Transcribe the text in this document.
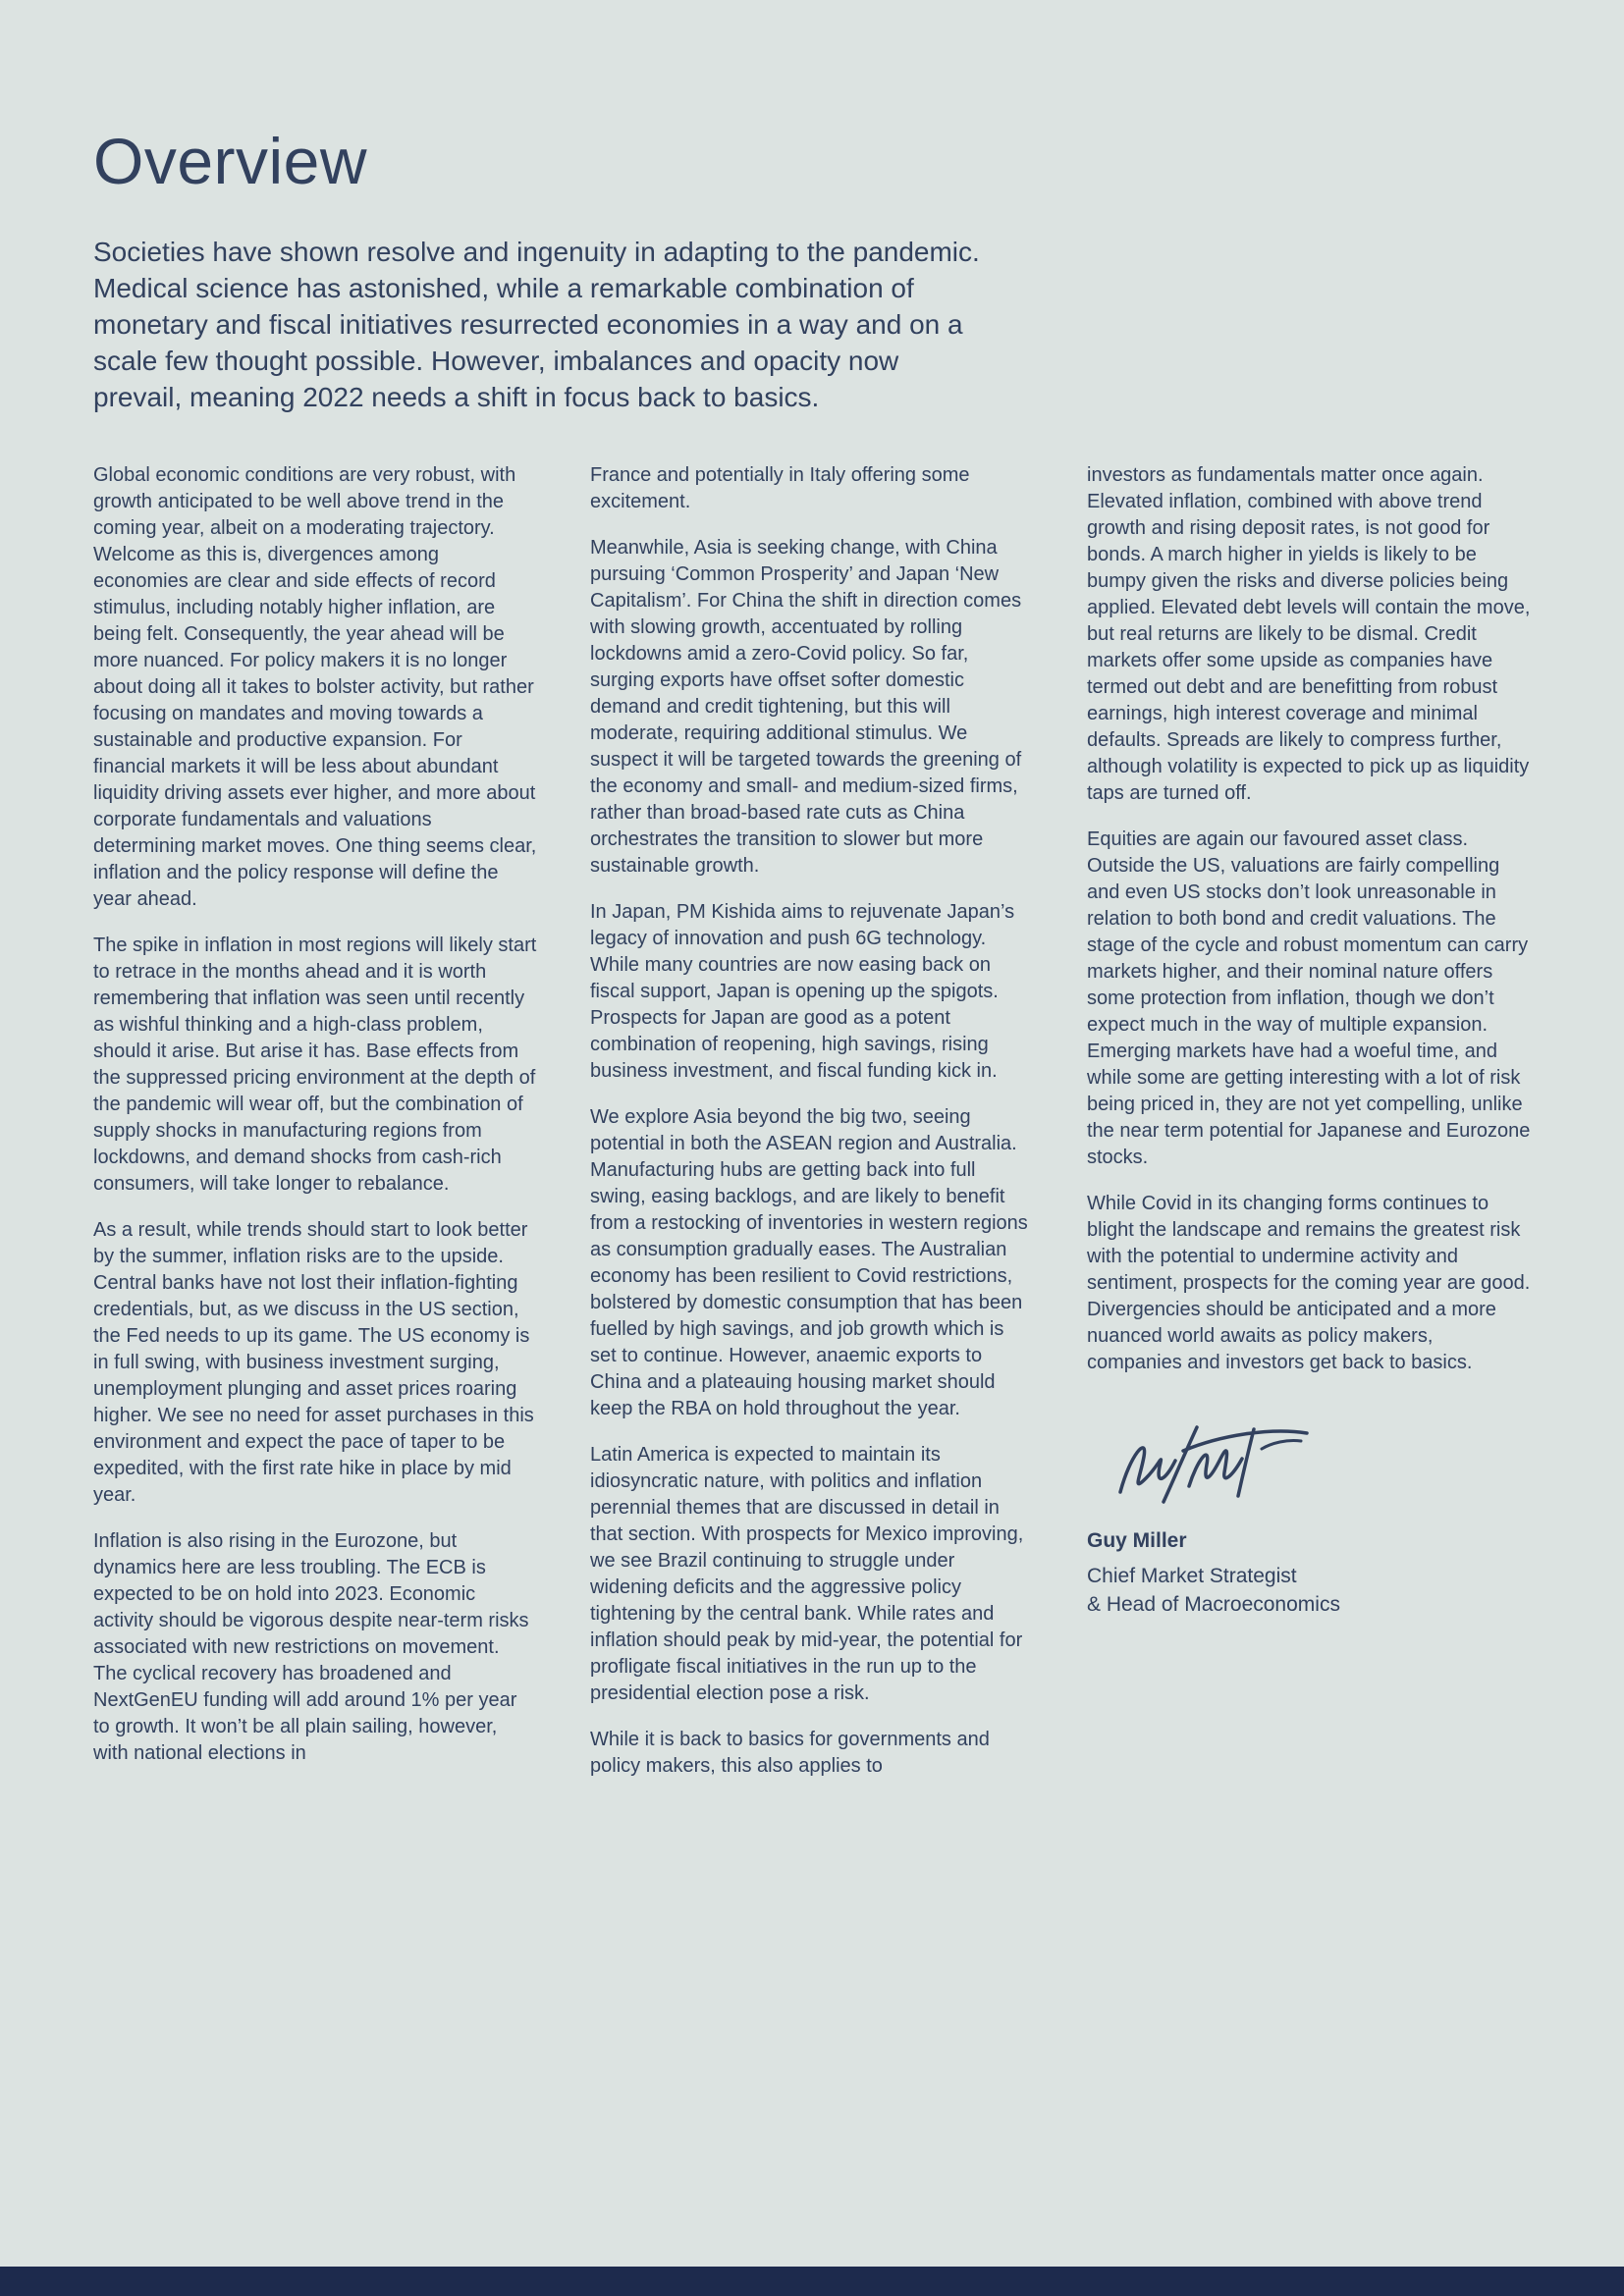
Overview

Societies have shown resolve and ingenuity in adapting to the pandemic. Medical science has astonished, while a remarkable combination of monetary and fiscal initiatives resurrected economies in a way and on a scale few thought possible. However, imbalances and opacity now prevail, meaning 2022 needs a shift in focus back to basics.

Global economic conditions are very robust, with growth anticipated to be well above trend in the coming year, albeit on a moderating trajectory. Welcome as this is, divergences among economies are clear and side effects of record stimulus, including notably higher inflation, are being felt. Consequently, the year ahead will be more nuanced. For policy makers it is no longer about doing all it takes to bolster activity, but rather focusing on mandates and moving towards a sustainable and productive expansion. For financial markets it will be less about abundant liquidity driving assets ever higher, and more about corporate fundamentals and valuations determining market moves. One thing seems clear, inflation and the policy response will define the year ahead.

The spike in inflation in most regions will likely start to retrace in the months ahead and it is worth remembering that inflation was seen until recently as wishful thinking and a high-class problem, should it arise. But arise it has. Base effects from the suppressed pricing environment at the depth of the pandemic will wear off, but the combination of supply shocks in manufacturing regions from lockdowns, and demand shocks from cash-rich consumers, will take longer to rebalance.

As a result, while trends should start to look better by the summer, inflation risks are to the upside. Central banks have not lost their inflation-fighting credentials, but, as we discuss in the US section, the Fed needs to up its game. The US economy is in full swing, with business investment surging, unemployment plunging and asset prices roaring higher. We see no need for asset purchases in this environment and expect the pace of taper to be expedited, with the first rate hike in place by mid year.

Inflation is also rising in the Eurozone, but dynamics here are less troubling. The ECB is expected to be on hold into 2023. Economic activity should be vigorous despite near-term risks associated with new restrictions on movement. The cyclical recovery has broadened and NextGenEU funding will add around 1% per year to growth. It won’t be all plain sailing, however, with national elections in

France and potentially in Italy offering some excitement.

Meanwhile, Asia is seeking change, with China pursuing ‘Common Prosperity’ and Japan ‘New Capitalism’. For China the shift in direction comes with slowing growth, accentuated by rolling lockdowns amid a zero-Covid policy. So far, surging exports have offset softer domestic demand and credit tightening, but this will moderate, requiring additional stimulus. We suspect it will be targeted towards the greening of the economy and small- and medium-sized firms, rather than broad-based rate cuts as China orchestrates the transition to slower but more sustainable growth.

In Japan, PM Kishida aims to rejuvenate Japan’s legacy of innovation and push 6G technology. While many countries are now easing back on fiscal support, Japan is opening up the spigots. Prospects for Japan are good as a potent combination of reopening, high savings, rising business investment, and fiscal funding kick in.

We explore Asia beyond the big two, seeing potential in both the ASEAN region and Australia. Manufacturing hubs are getting back into full swing, easing backlogs, and are likely to benefit from a restocking of inventories in western regions as consumption gradually eases. The Australian economy has been resilient to Covid restrictions, bolstered by domestic consumption that has been fuelled by high savings, and job growth which is set to continue. However, anaemic exports to China and a plateauing housing market should keep the RBA on hold throughout the year.

Latin America is expected to maintain its idiosyncratic nature, with politics and inflation perennial themes that are discussed in detail in that section. With prospects for Mexico improving, we see Brazil continuing to struggle under widening deficits and the aggressive policy tightening by the central bank. While rates and inflation should peak by mid-year, the potential for profligate fiscal initiatives in the run up to the presidential election pose a risk.

While it is back to basics for governments and policy makers, this also applies to

investors as fundamentals matter once again. Elevated inflation, combined with above trend growth and rising deposit rates, is not good for bonds. A march higher in yields is likely to be bumpy given the risks and diverse policies being applied. Elevated debt levels will contain the move, but real returns are likely to be dismal. Credit markets offer some upside as companies have termed out debt and are benefitting from robust earnings, high interest coverage and minimal defaults. Spreads are likely to compress further, although volatility is expected to pick up as liquidity taps are turned off.

Equities are again our favoured asset class. Outside the US, valuations are fairly compelling and even US stocks don’t look unreasonable in relation to both bond and credit valuations. The stage of the cycle and robust momentum can carry markets higher, and their nominal nature offers some protection from inflation, though we don’t expect much in the way of multiple expansion. Emerging markets have had a woeful time, and while some are getting interesting with a lot of risk being priced in, they are not yet compelling, unlike the near term potential for Japanese and Eurozone stocks.

While Covid in its changing forms continues to blight the landscape and remains the greatest risk with the potential to undermine activity and sentiment, prospects for the coming year are good. Divergencies should be anticipated and a more nuanced world awaits as policy makers, companies and investors get back to basics.

Guy Miller
Chief Market Strategist
& Head of Macroeconomics
